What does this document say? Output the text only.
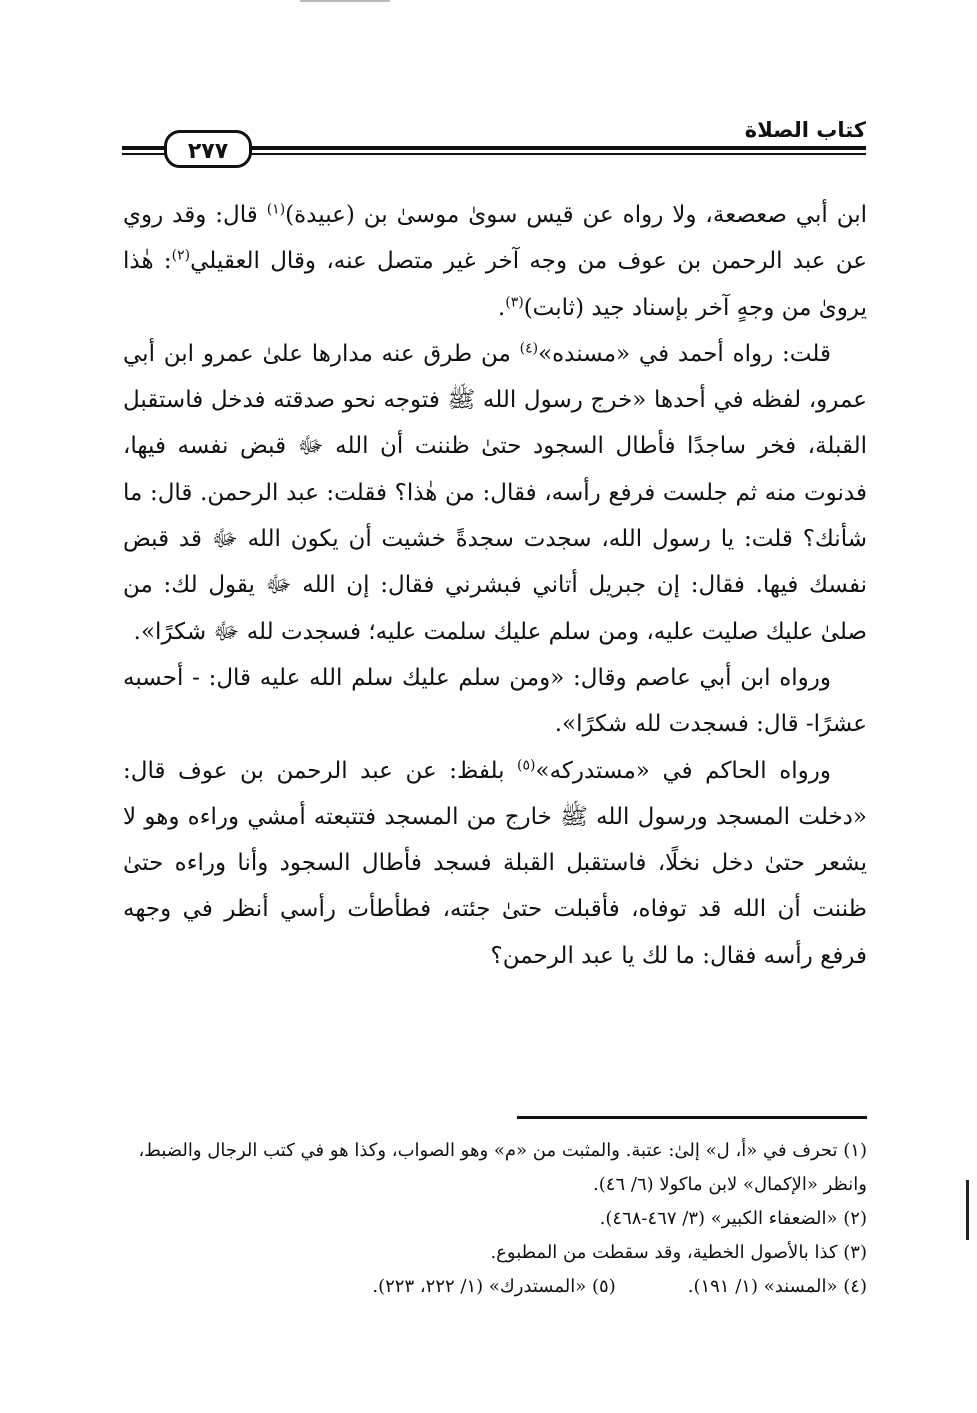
كتاب الصلاة
٢٧٧

ابن أبي صعصعة، ولا رواه عن قيس سوىٰ موسىٰ بن (عبيدة)$^{(١)}$ قال: وقد روي عن عبد الرحمن بن عوف من وجه آخر غير متصل عنه، وقال العقيلي$^{(٢)}$: هٰذا يروىٰ من وجهٍ آخر بإسناد جيد (ثابت)$^{(٣)}$.

قلت: رواه أحمد في «مسنده»$^{(٤)}$ من طرق عنه مدارها علىٰ عمرو ابن أبي عمرو، لفظه في أحدها «خرج رسول الله ﷺ فتوجه نحو صدقته فدخل فاستقبل القبلة، فخر ساجدًا فأطال السجود حتىٰ ظننت أن الله ﷻ قبض نفسه فيها، فدنوت منه ثم جلست فرفع رأسه، فقال: من هٰذا؟ فقلت: عبد الرحمن. قال: ما شأنك؟ قلت: يا رسول الله، سجدت سجدةً خشيت أن يكون الله ﷻ قد قبض نفسك فيها. فقال: إن جبريل أتاني فبشرني فقال: إن الله ﷻ يقول لك: من صلىٰ عليك صليت عليه، ومن سلم عليك سلمت عليه؛ فسجدت لله ﷻ شكرًا».

ورواه ابن أبي عاصم وقال: «ومن سلم عليك سلم الله عليه قال: - أحسبه عشرًا- قال: فسجدت لله شكرًا».

ورواه الحاكم في «مستدركه»$^{(٥)}$ بلفظ: عن عبد الرحمن بن عوف قال: «دخلت المسجد ورسول الله ﷺ خارج من المسجد فتتبعته أمشي وراءه وهو لا يشعر حتىٰ دخل نخلًا، فاستقبل القبلة فسجد فأطال السجود وأنا وراءه حتىٰ ظننت أن الله قد توفاه، فأقبلت حتىٰ جئته، فطأطأت رأسي أنظر في وجهه فرفع رأسه فقال: ما لك يا عبد الرحمن؟

(١) تحرف في «أ، ل» إلىٰ: عتبة. والمثبت من «م» وهو الصواب، وكذا هو في كتب الرجال والضبط، وانظر «الإكمال» لابن ماكولا (٦/ ٤٦).

(٢) «الضعفاء الكبير» (٣/ ٤٦٧-٤٦٨).

(٣) كذا بالأصول الخطية، وقد سقطت من المطبوع.

(٤) «المسند» (١/ ١٩١).

(٥) «المستدرك» (١/ ٢٢٢، ٢٢٣).
